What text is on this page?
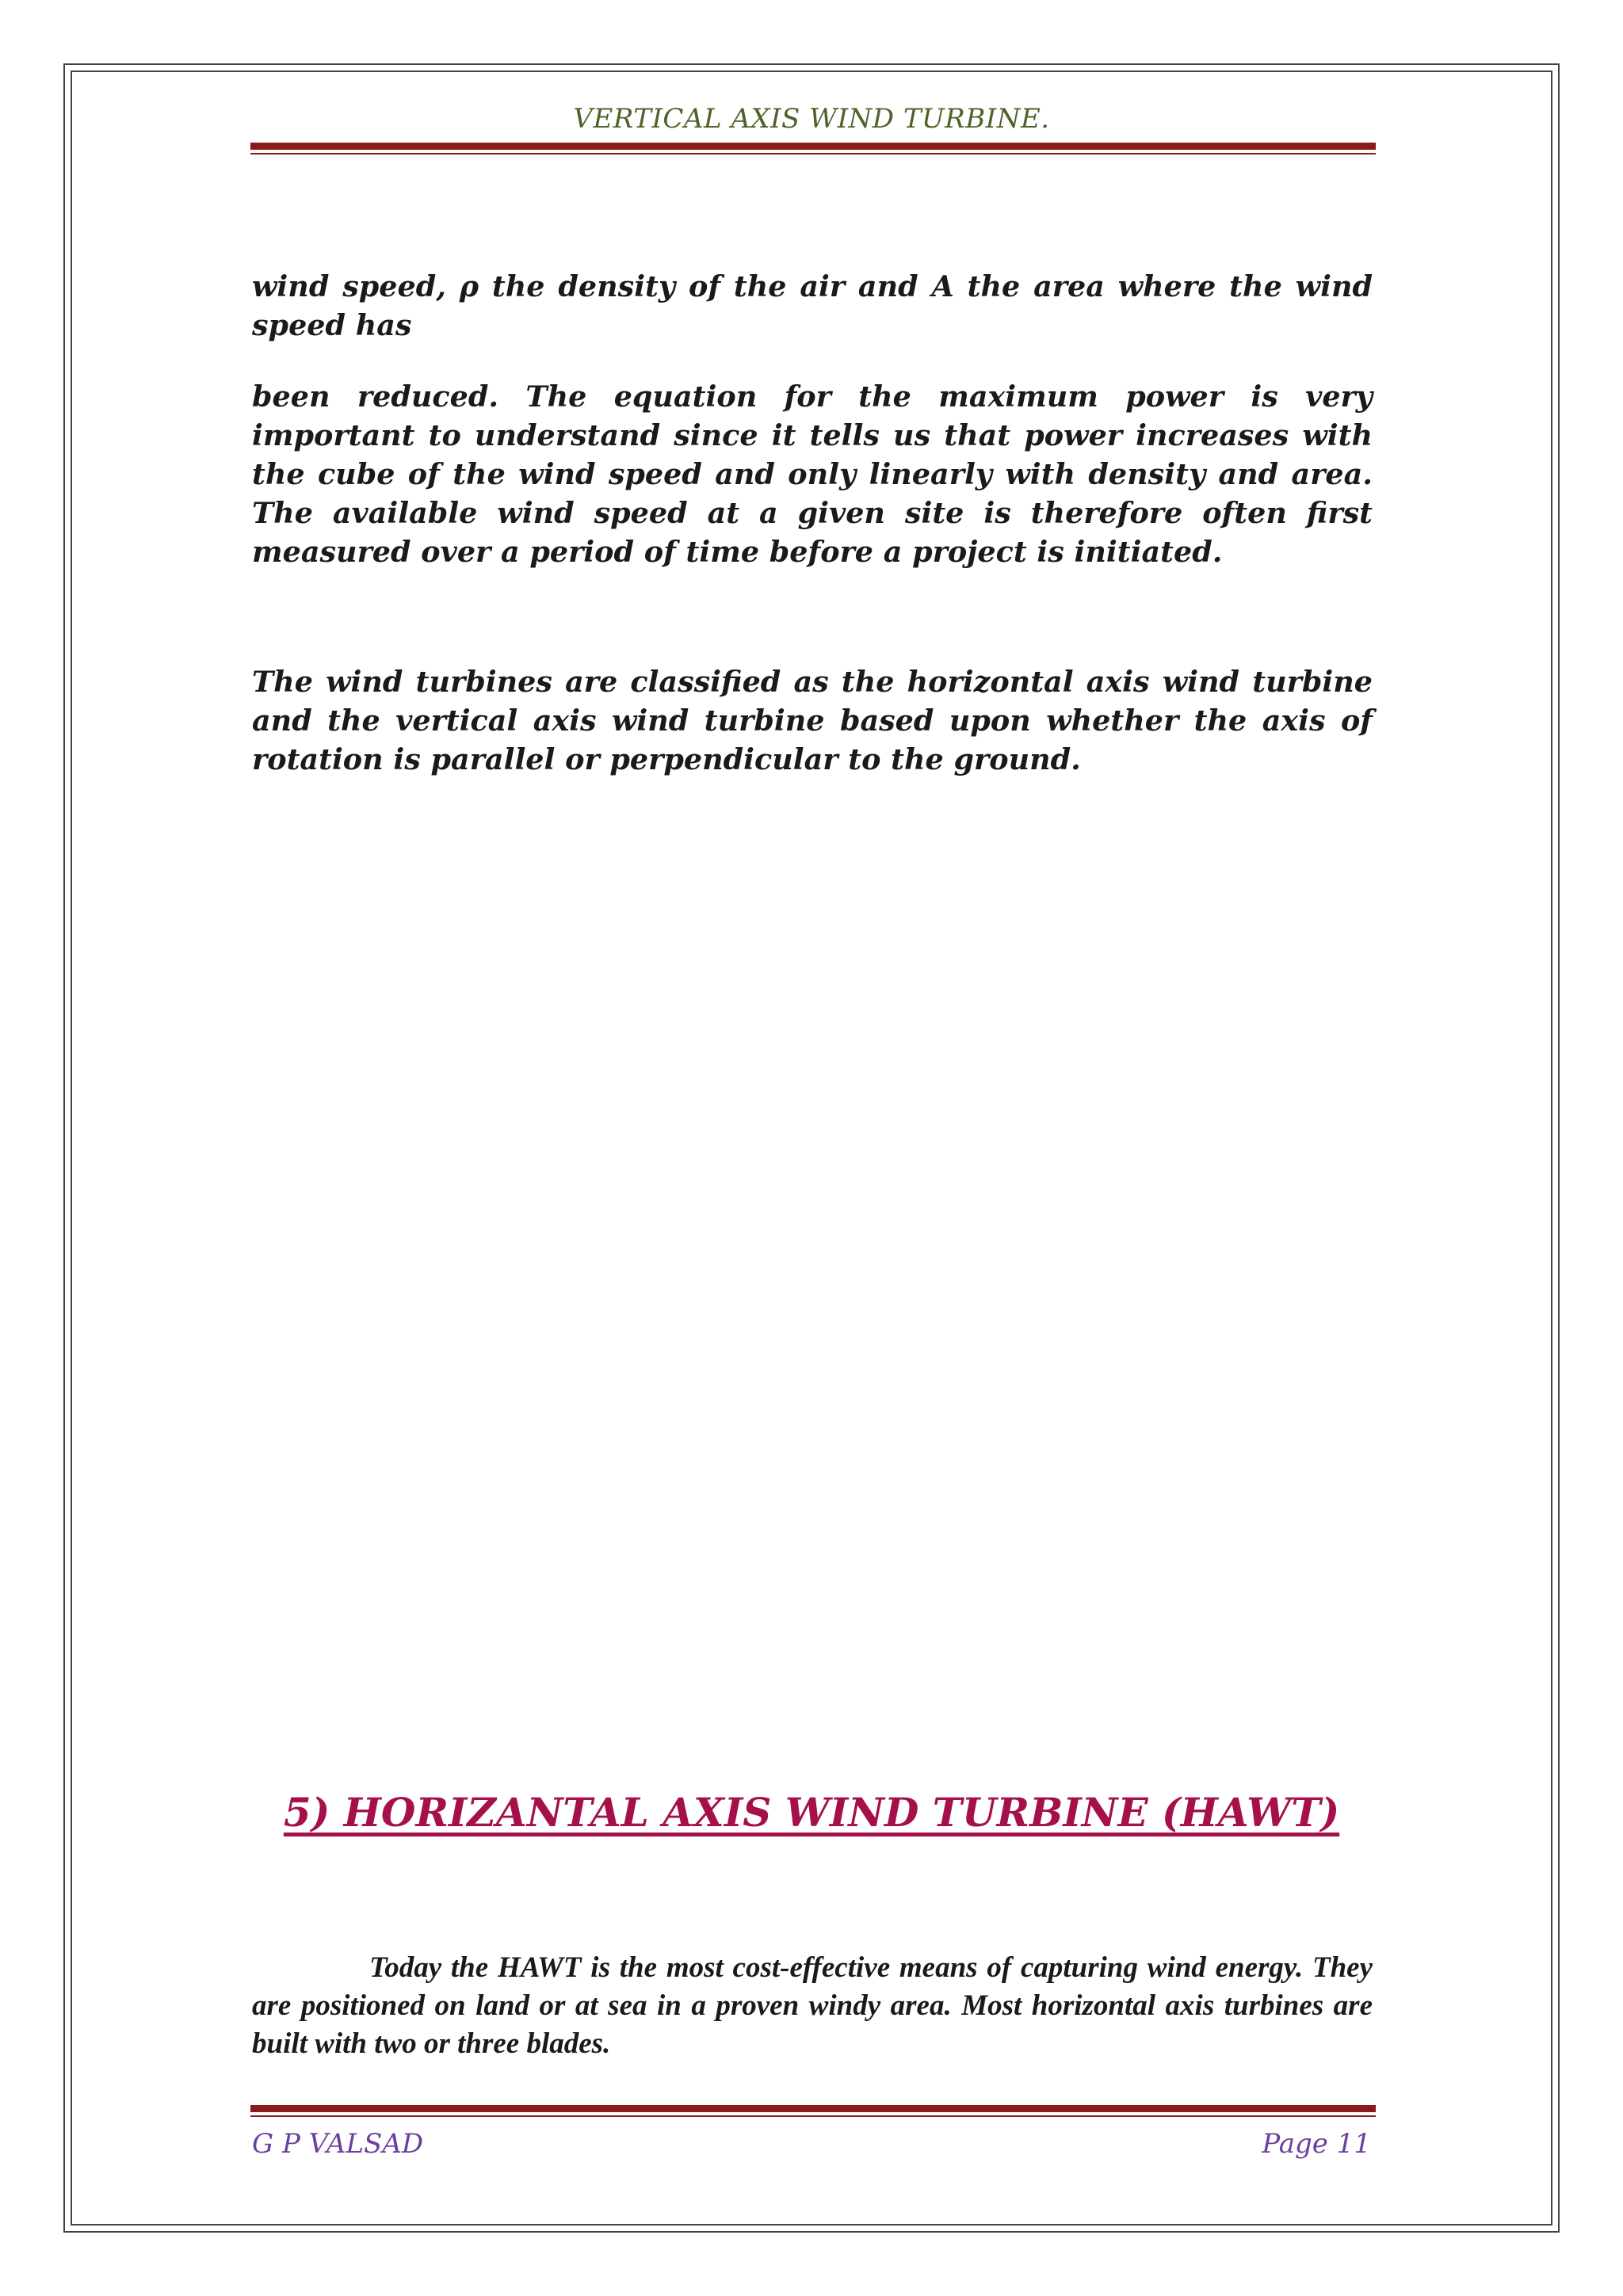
VERTICAL AXIS WIND TURBINE.

wind speed, ρ the density of the air and A the area where the wind speed has

been reduced. The equation for the maximum power is very important to understand since it tells us that power increases with the cube of the wind speed and only linearly with density and area. The available wind speed at a given site is therefore often first measured over a period of time before a project is initiated.

The wind turbines are classified as the horizontal axis wind turbine and the vertical axis wind turbine based upon whether the axis of rotation is parallel or perpendicular to the ground.

5) HORIZANTAL AXIS WIND TURBINE (HAWT)

Today the HAWT is the most cost-effective means of capturing wind energy. They are positioned on land or at sea in a proven windy area. Most horizontal axis turbines are built with two or three blades.

G P VALSAD	Page 11
